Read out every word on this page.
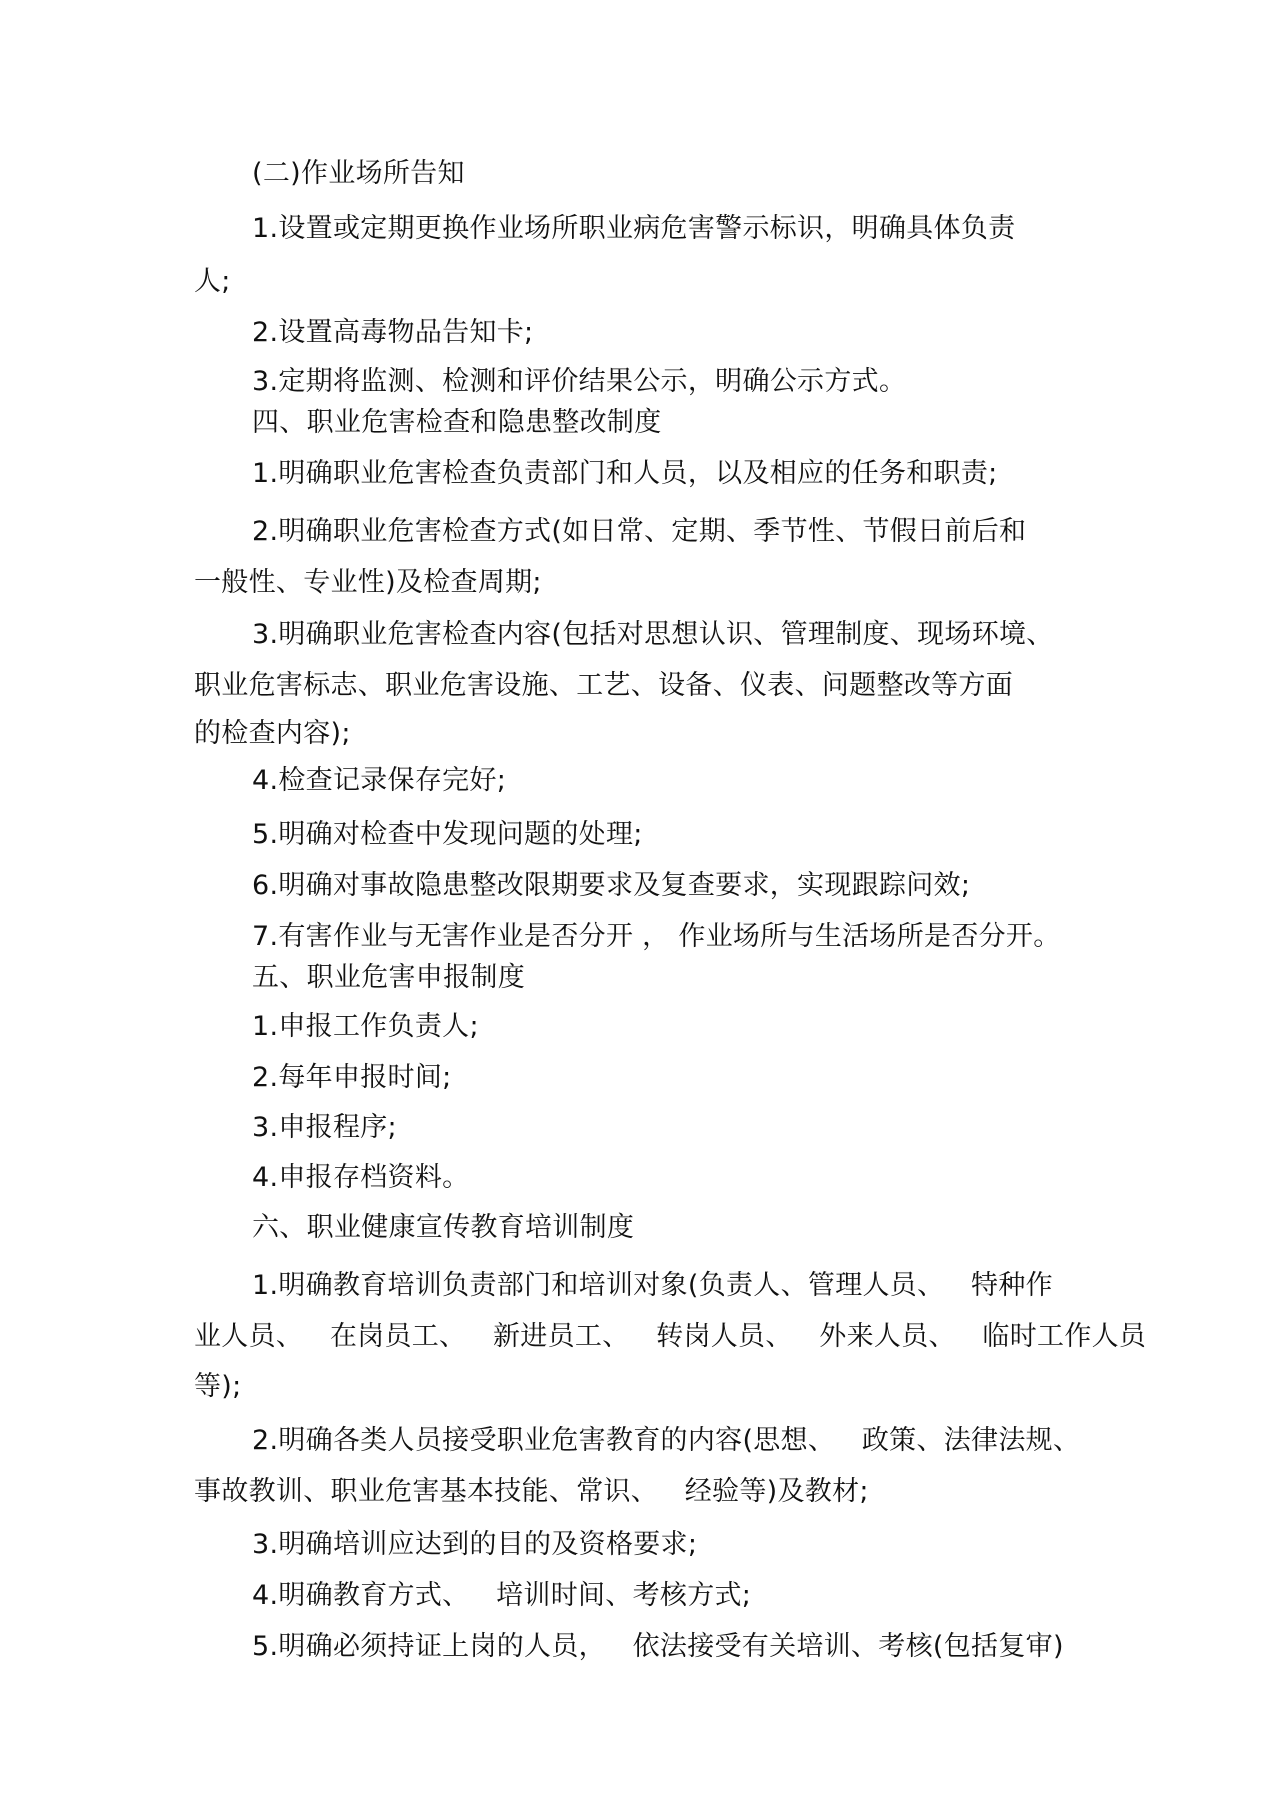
(二)作业场所告知
1.设置或定期更换作业场所职业病危害警示标识，明确具体负责
人;
2.设置高毒物品告知卡;
3.定期将监测、检测和评价结果公示，明确公示方式。
四、职业危害检查和隐患整改制度
1.明确职业危害检查负责部门和人员，以及相应的任务和职责;
2.明确职业危害检查方式(如日常、定期、季节性、节假日前后和
一般性、专业性)及检查周期;
3.明确职业危害检查内容(包括对思想认识、管理制度、现场环境、
职业危害标志、职业危害设施、工艺、设备、仪表、问题整改等方面
的检查内容);
4.检查记录保存完好;
5.明确对检查中发现问题的处理;
6.明确对事故隐患整改限期要求及复查要求，实现跟踪问效;
7.有害作业与无害作业是否分开 ， 作业场所与生活场所是否分开。
五、职业危害申报制度
1.申报工作负责人;
2.每年申报时间;
3.申报程序;
4.申报存档资料。
六、职业健康宣传教育培训制度
1.明确教育培训负责部门和培训对象(负责人、管理人员、   特种作
业人员、   在岗员工、   新进员工、   转岗人员、   外来人员、   临时工作人员
等);
2.明确各类人员接受职业危害教育的内容(思想、   政策、法律法规、
事故教训、职业危害基本技能、常识、   经验等)及教材;
3.明确培训应达到的目的及资格要求;
4.明确教育方式、   培训时间、考核方式;
5.明确必须持证上岗的人员，   依法接受有关培训、考核(包括复审)
